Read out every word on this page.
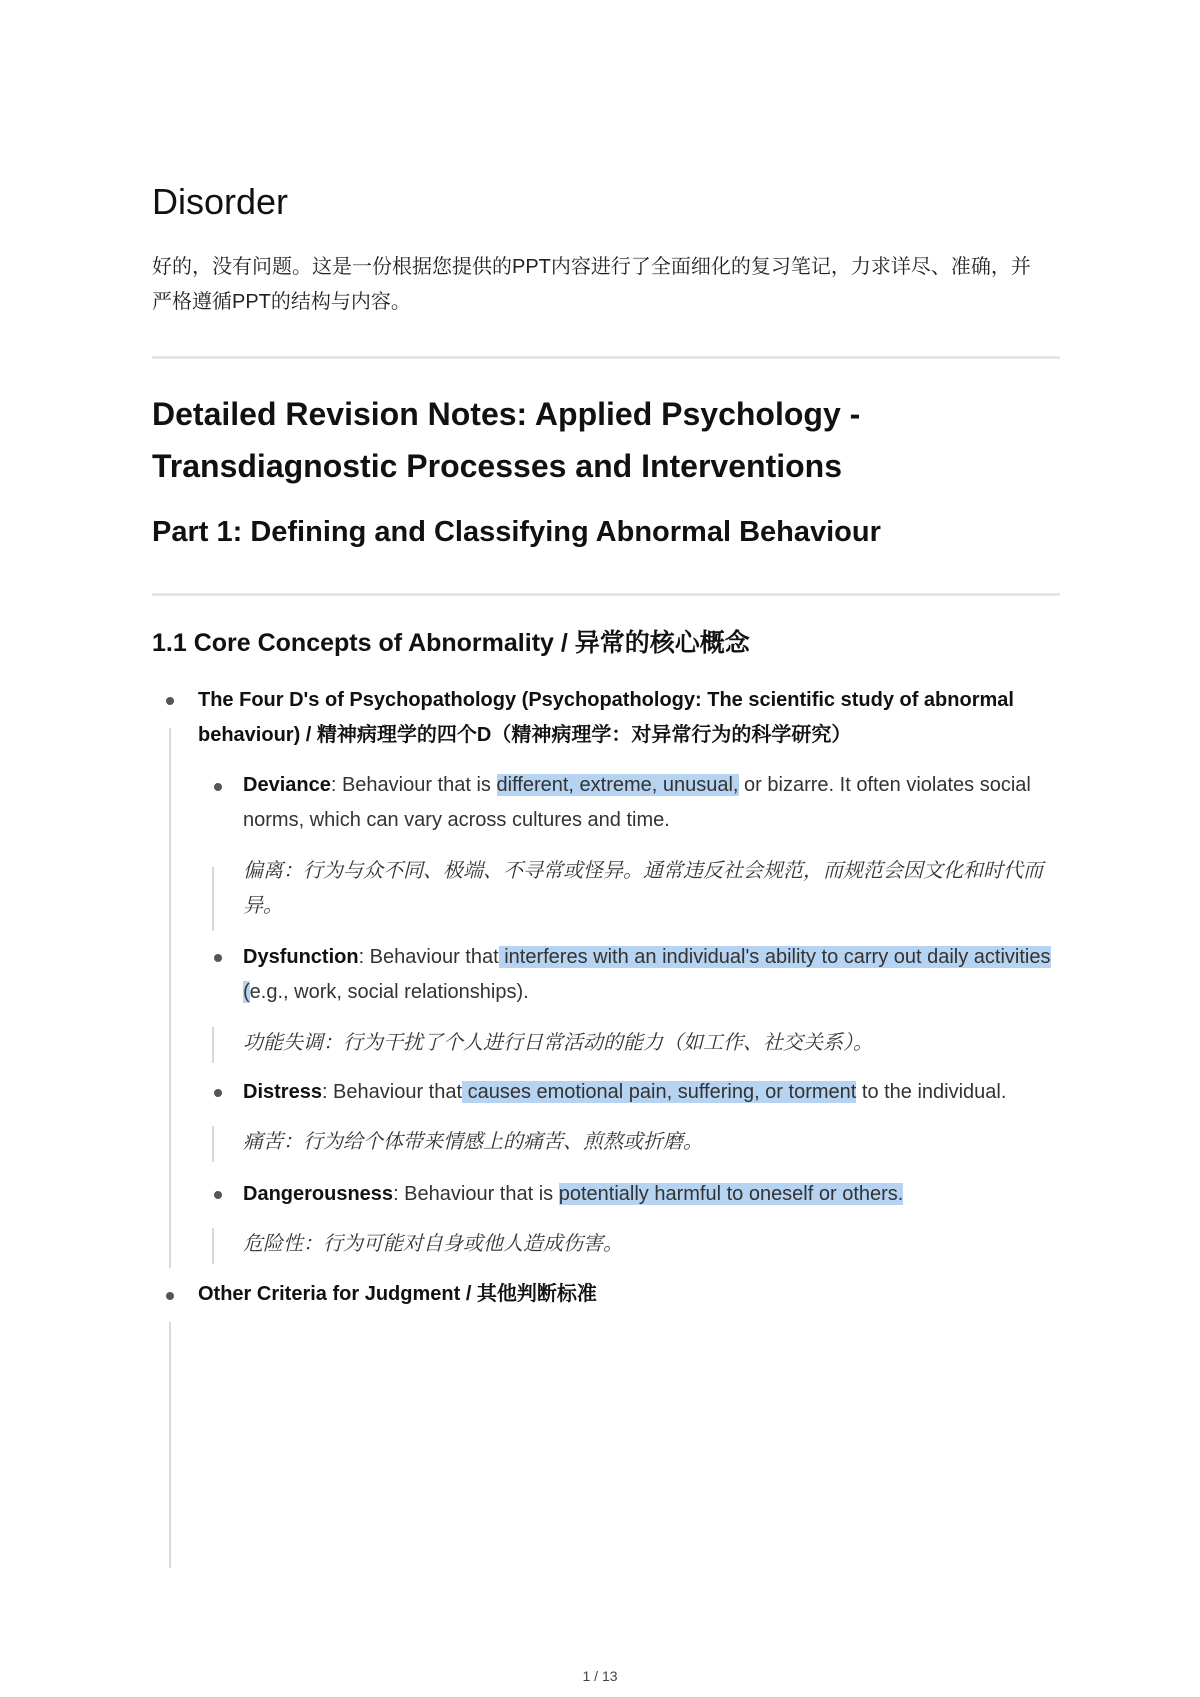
Disorder

好的，没有问题。这是一份根据您提供的PPT内容进行了全面细化的复习笔记，力求详尽、准确，并严格遵循PPT的结构与内容。

Detailed Revision Notes: Applied Psychology - Transdiagnostic Processes and Interventions
Part 1: Defining and Classifying Abnormal Behaviour
1.1 Core Concepts of Abnormality / 异常的核心概念
The Four D's of Psychopathology (Psychopathology: The scientific study of abnormal behaviour) / 精神病理学的四个D（精神病理学：对异常行为的科学研究）
Deviance: Behaviour that is different, extreme, unusual, or bizarre. It often violates social norms, which can vary across cultures and time.
偏离：行为与众不同、极端、不寻常或怪异。通常违反社会规范，而规范会因文化和时代而异。
Dysfunction: Behaviour that interferes with an individual's ability to carry out daily activities (e.g., work, social relationships).
功能失调：行为干扰了个人进行日常活动的能力（如工作、社交关系）。
Distress: Behaviour that causes emotional pain, suffering, or torment to the individual.
痛苦：行为给个体带来情感上的痛苦、煎熬或折磨。
Dangerousness: Behaviour that is potentially harmful to oneself or others.
危险性：行为可能对自身或他人造成伤害。
Other Criteria for Judgment / 其他判断标准
1 / 13
